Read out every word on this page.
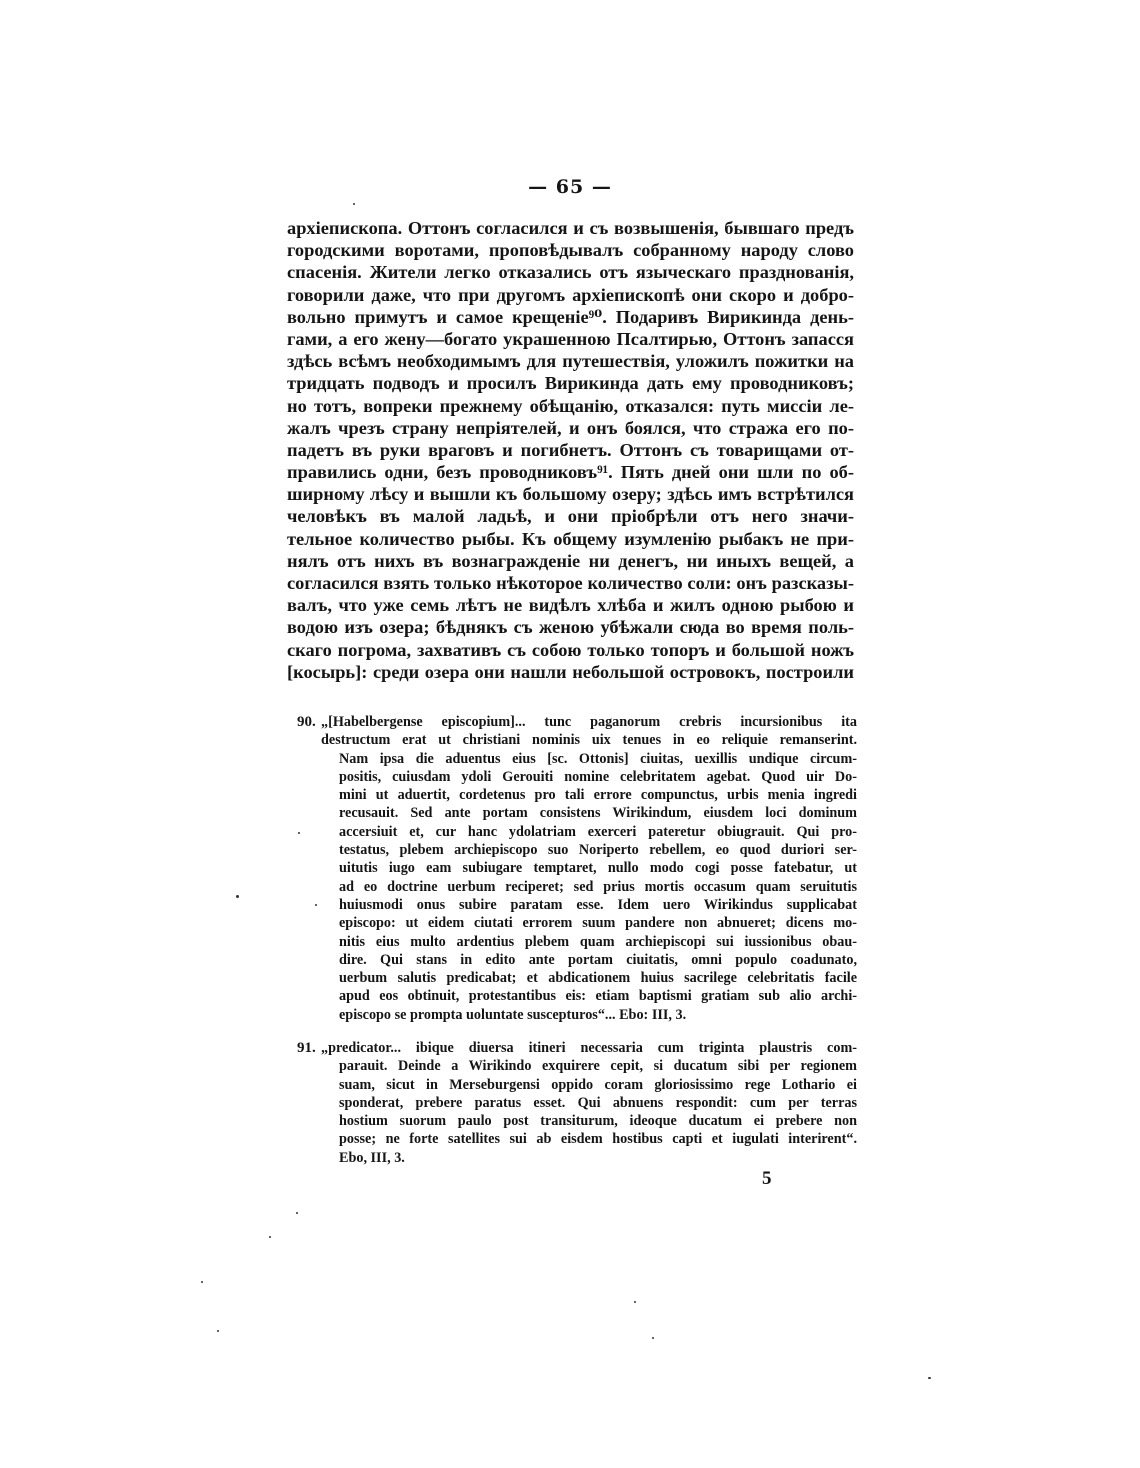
— 65 —
архіепископа. Оттонъ согласился и съ возвышенія, бывшаго предъ
городскими воротами, проповѣдывалъ собранному народу слово
спасенія. Жители легко отказались отъ языческаго празднованія,
говорили даже, что при другомъ архіепископѣ они скоро и добро-
вольно примутъ и самое крещеніе⁹⁰. Подаривъ Вирикинда день-
гами, а его жену—богато украшенною Псалтирью, Оттонъ запасся
здѣсь всѣмъ необходимымъ для путешествія, уложилъ пожитки на
тридцать подводъ и просилъ Вирикинда дать ему проводниковъ;
но тотъ, вопреки прежнему обѣщанію, отказался: путь миссіи ле-
жалъ чрезъ страну непріятелей, и онъ боялся, что стража его по-
падетъ въ руки враговъ и погибнетъ. Оттонъ съ товарищами от-
правились одни, безъ проводниковъ⁹¹. Пять дней они шли по об-
ширному лѣсу и вышли къ большому озеру; здѣсь имъ встрѣтился
человѣкъ въ малой ладьѣ, и они пріобрѣли отъ него значи-
тельное количество рыбы. Къ общему изумленію рыбакъ не при-
нялъ отъ нихъ въ вознагражденіе ни денегъ, ни иныхъ вещей, а
согласился взять только нѣкоторое количество соли: онъ разсказы-
валъ, что уже семь лѣтъ не видѣлъ хлѣба и жилъ одною рыбою и
водою изъ озера; бѣднякъ съ женою убѣжали сюда во время поль-
скаго погрома, захвативъ съ собою только топоръ и большой ножъ
[косырь]: среди озера они нашли небольшой островокъ, построили
90. „[Habelbergense episcopium]... tunc paganorum crebris incursionibus ita
destructum erat ut christiani nominis uix tenues in eo reliquie remanserint.
Nam ipsa die aduentus eius [sc. Ottonis] ciuitas, uexillis undique circum-
positis, cuiusdam ydoli Gerouiti nomine celebritatem agebat. Quod uir Do-
mini ut aduertit, cordetenus pro tali errore compunctus, urbis menia ingredi
recusauit. Sed ante portam consistens Wirikindum, eiusdem loci dominum
accersiuit et, cur hanc ydolatriam exerceri pateretur obiugrauit. Qui pro-
testatus, plebem archiepiscopo suo Noriperto rebellem, eo quod duriori ser-
uitutis iugo eam subiugare temptaret, nullo modo cogi posse fatebatur, ut
ad eo doctrine uerbum reciperet; sed prius mortis occasum quam seruitutis
huiusmodi onus subire paratam esse. Idem uero Wirikindus supplicabat
episcopo: ut eidem ciutati errorem suum pandere non abnueret; dicens mo-
nitis eius multo ardentius plebem quam archiepiscopi sui iussionibus obau-
dire. Qui stans in edito ante portam ciuitatis, omni populo coadunato,
uerbum salutis predicabat; et abdicationem huius sacrilege celebritatis facile
apud eos obtinuit, protestantibus eis: etiam baptismi gratiam sub alio archi-
episcopo se prompta uoluntate suscepturos“... Ebo: III, 3.
91. „predicator... ibique diuersa itineri necessaria cum triginta plaustris com-
parauit. Deinde a Wirikindo exquirere cepit, si ducatum sibi per regionem
suam, sicut in Merseburgensi oppido coram gloriosissimo rege Lothario ei
sponderat, prebere paratus esset. Qui abnuens respondit: cum per terras
hostium suorum paulo post transiturum, ideoque ducatum ei prebere non
posse; ne forte satellites sui ab eisdem hostibus capti et iugulati interirent“.
Ebo, III, 3.
5
